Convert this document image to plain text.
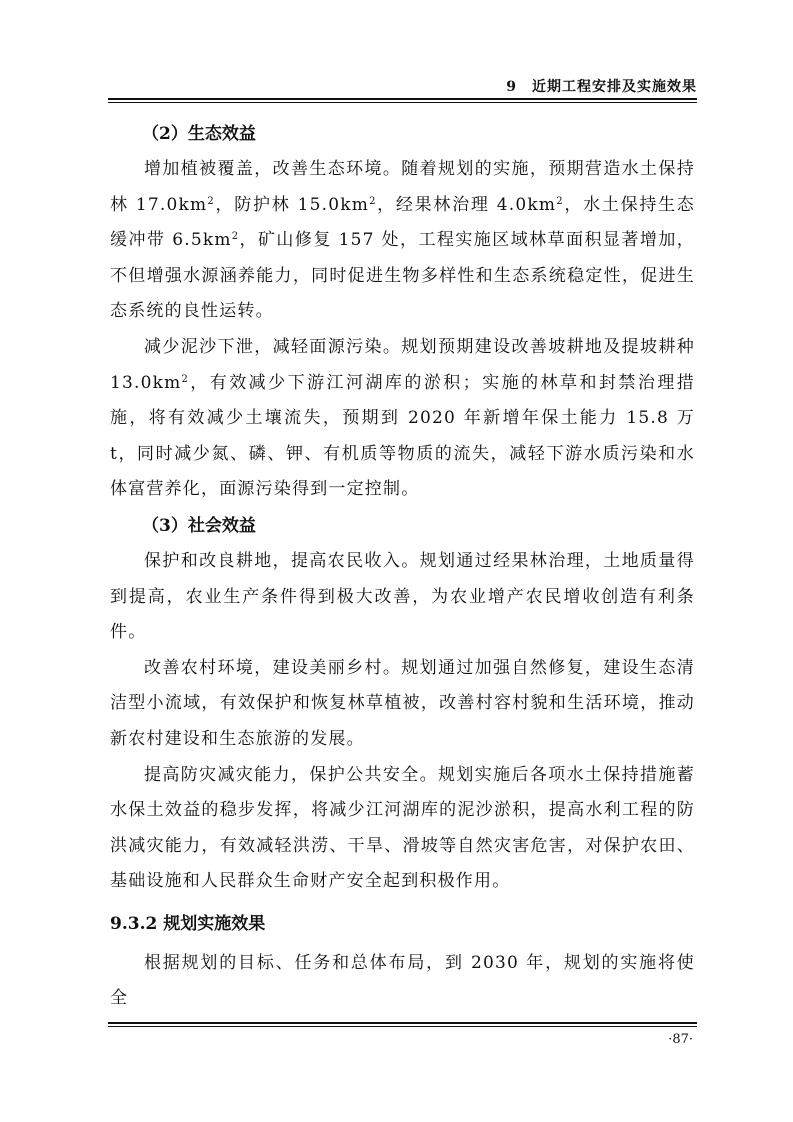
9　近期工程安排及实施效果

（2）生态效益

增加植被覆盖，改善生态环境。随着规划的实施，预期营造水土保持林 $17.0km^2$，防护林 $15.0km^2$，经果林治理 $4.0km^2$，水土保持生态缓冲带 $6.5km^2$，矿山修复 157 处，工程实施区域林草面积显著增加，不但增强水源涵养能力，同时促进生物多样性和生态系统稳定性，促进生态系统的良性运转。

减少泥沙下泄，减轻面源污染。规划预期建设改善坡耕地及提坡耕种 $13.0km^2$，有效减少下游江河湖库的淤积；实施的林草和封禁治理措施，将有效减少土壤流失，预期到 2020 年新增年保土能力 15.8 万 t，同时减少氮、磷、钾、有机质等物质的流失，减轻下游水质污染和水体富营养化，面源污染得到一定控制。

（3）社会效益

保护和改良耕地，提高农民收入。规划通过经果林治理，土地质量得到提高，农业生产条件得到极大改善，为农业增产农民增收创造有利条件。

改善农村环境，建设美丽乡村。规划通过加强自然修复，建设生态清洁型小流域，有效保护和恢复林草植被，改善村容村貌和生活环境，推动新农村建设和生态旅游的发展。

提高防灾减灾能力，保护公共安全。规划实施后各项水土保持措施蓄水保土效益的稳步发挥，将减少江河湖库的泥沙淤积，提高水利工程的防洪减灾能力，有效减轻洪涝、干旱、滑坡等自然灾害危害，对保护农田、基础设施和人民群众生命财产安全起到积极作用。

9.3.2 规划实施效果

根据规划的目标、任务和总体布局，到 2030 年，规划的实施将使全

·87·
